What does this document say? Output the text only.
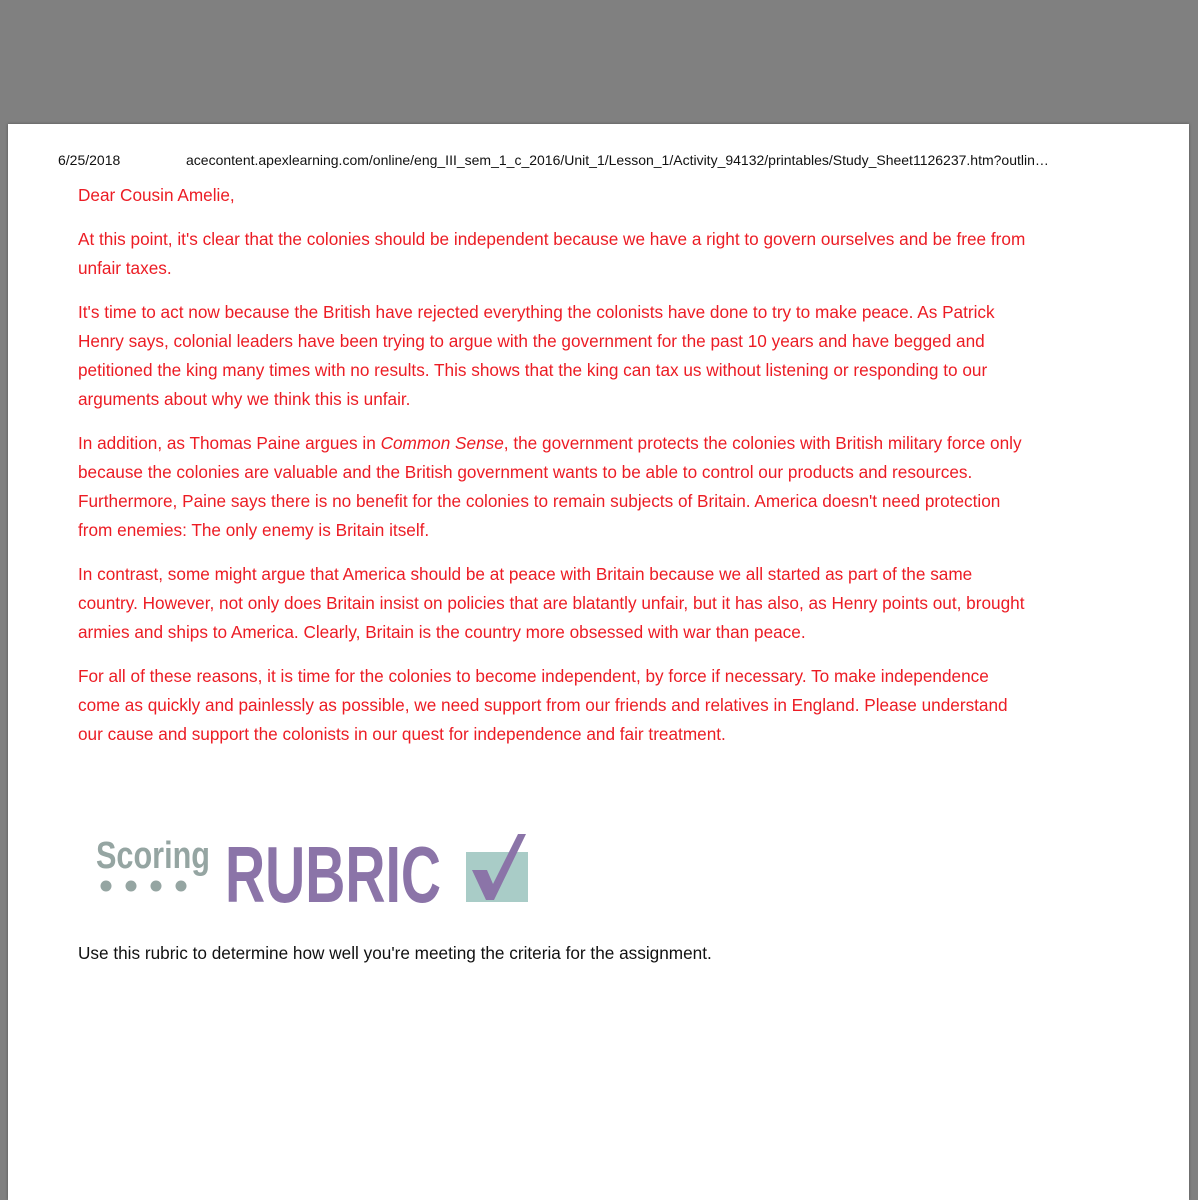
6/25/2018	acecontent.apexlearning.com/online/eng_III_sem_1_c_2016/Unit_1/Lesson_1/Activity_94132/printables/Study_Sheet1126237.htm?outlin…

Dear Cousin Amelie,

At this point, it's clear that the colonies should be independent because we have a right to govern ourselves and be free from unfair taxes.

It's time to act now because the British have rejected everything the colonists have done to try to make peace. As Patrick Henry says, colonial leaders have been trying to argue with the government for the past 10 years and have begged and petitioned the king many times with no results. This shows that the king can tax us without listening or responding to our arguments about why we think this is unfair.

In addition, as Thomas Paine argues in Common Sense, the government protects the colonies with British military force only because the colonies are valuable and the British government wants to be able to control our products and resources. Furthermore, Paine says there is no benefit for the colonies to remain subjects of Britain. America doesn't need protection from enemies: The only enemy is Britain itself.

In contrast, some might argue that America should be at peace with Britain because we all started as part of the same country. However, not only does Britain insist on policies that are blatantly unfair, but it has also, as Henry points out, brought armies and ships to America. Clearly, Britain is the country more obsessed with war than peace.

For all of these reasons, it is time for the colonies to become independent, by force if necessary. To make independence come as quickly and painlessly as possible, we need support from our friends and relatives in England. Please understand our cause and support the colonists in our quest for independence and fair treatment.

Scoring RUBRIC
Use this rubric to determine how well you're meeting the criteria for the assignment.
